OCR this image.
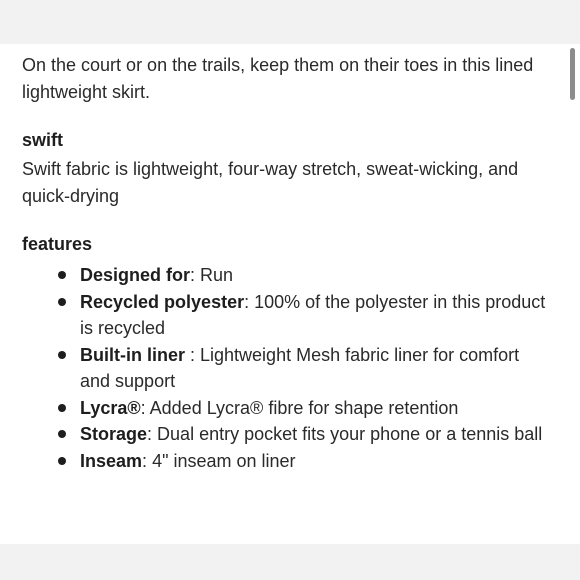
On the court or on the trails, keep them on their toes in this lined lightweight skirt.

swift

Swift fabric is lightweight, four-way stretch, sweat-wicking, and quick-drying

features
Designed for: Run
Recycled polyester: 100% of the polyester in this product is recycled
Built-in liner : Lightweight Mesh fabric liner for comfort and support
Lycra®: Added Lycra® fibre for shape retention
Storage: Dual entry pocket fits your phone or a tennis ball
Inseam: 4" inseam on liner
